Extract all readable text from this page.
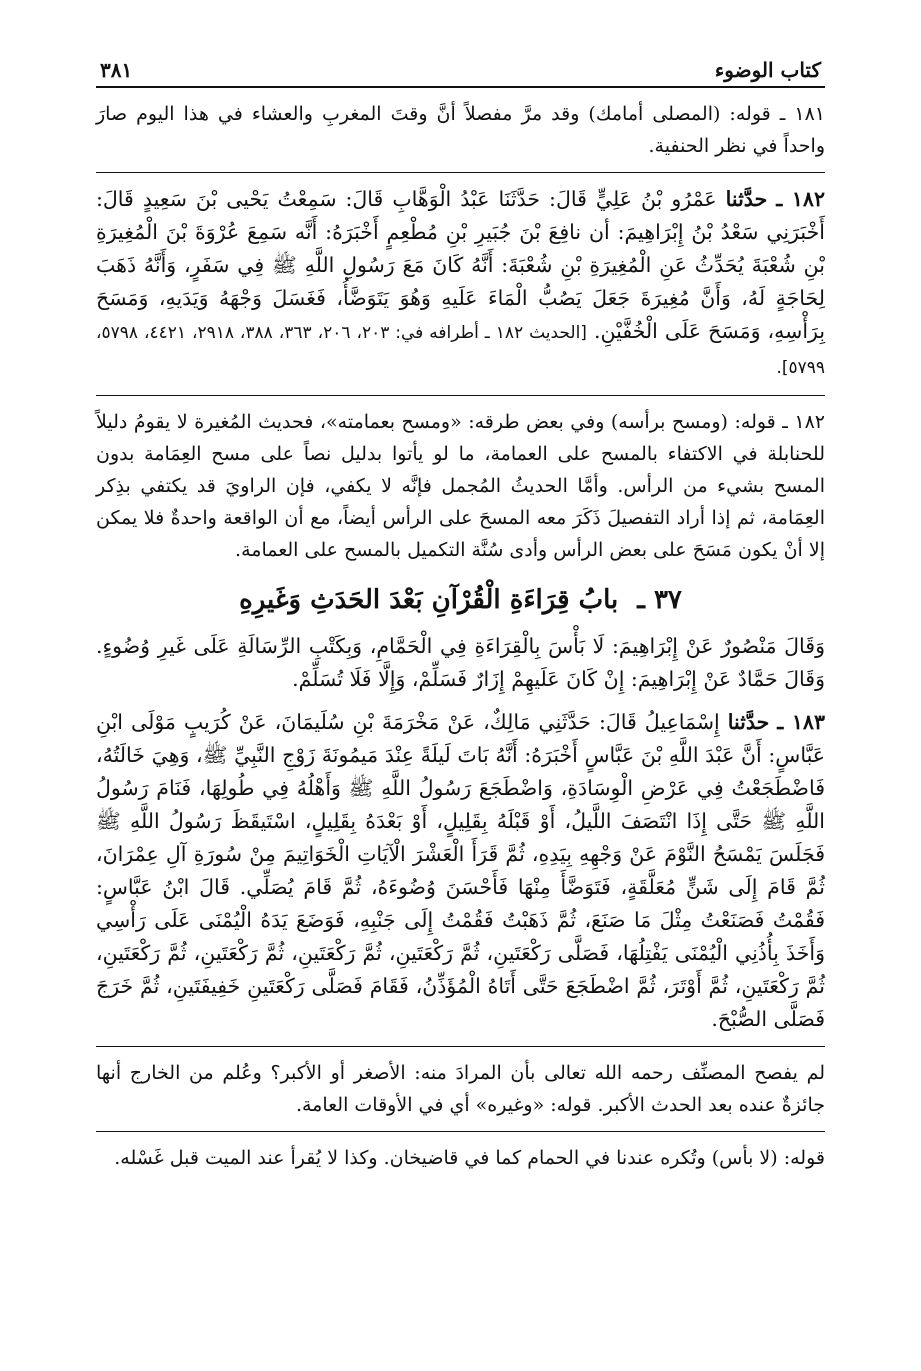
كتاب الوضوء
٣٨١

١٨١ ـ قوله: (المصلى أمامك) وقد مرَّ مفصلاً أنَّ وقتَ المغربِ والعشاء في هذا اليوم صارَ واحداً في نظر الحنفية.

١٨٢ ـ حدَّثنا عَمْرُو بْنُ عَلِيٍّ قَالَ: حَدَّثَنَا عَبْدُ الْوَهَّابِ قَالَ: سَمِعْتُ يَحْيى بْنَ سَعِيدٍ قَالَ: أَخْبَرَنِي سَعْدُ بْنُ إِبْرَاهِيمَ: أن نافِعَ بْنَ جُبَيرِ بْنِ مُطْعِمٍ أَخْبَرَهُ: أَنَّه سَمِعَ عُرْوَةَ بْنَ الْمُغِيرَةِ بْنِ شُعْبَةَ يُحَدِّثُ عَنِ الْمُغِيرَةِ بْنِ شُعْبَةَ: أَنَّهُ كَانَ مَعَ رَسُولِ اللَّهِ ﷺ فِي سَفَرٍ، وَأَنَّهُ ذَهَبَ لِحَاجَةٍ لَهُ، وَأَنَّ مُغِيرَةَ جَعَلَ يَصُبُّ الْمَاءَ عَلَيهِ وَهُوَ يَتَوَضَّأُ، فَغَسَلَ وَجْهَهُ وَيَدَيهِ، وَمَسَحَ بِرَأْسِهِ، وَمَسَحَ عَلَى الْخُفَّيْنِ. [الحديث ١٨٢ ـ أطرافه في: ٢٠٣، ٢٠٦، ٣٦٣، ٣٨٨، ٢٩١٨، ٤٤٢١، ٥٧٩٨، ٥٧٩٩].

١٨٢ ـ قوله: (ومسح برأسه) وفي بعض طرقه: «ومسح بعمامته»، فحديث المُغيرة لا يقومُ دليلاً للحنابلة في الاكتفاء بالمسح على العمامة، ما لو يأتوا بدليل نصاً على مسح العِمَامة بدون المسح بشيء من الرأس. وأمَّا الحديثُ المُجمل فإنَّه لا يكفي، فإن الراويَ قد يكتفي بذِكر العِمَامة، ثم إذا أراد التفصيلَ ذَكَرَ معه المسحَ على الرأس أيضاً، مع أن الواقعة واحدةٌ فلا يمكن إلا أنْ يكون مَسَحَ على بعض الرأس وأدى سُنَّة التكميل بالمسح على العمامة.

٣٧ ـ بابُ قِرَاءَةِ الْقُرْآنِ بَعْدَ الحَدَثِ وَغَيرِهِ

وَقَالَ مَنْصُورٌ عَنْ إِبْرَاهِيمَ: لَا بَأْسَ بِالْقِرَاءَةِ فِي الْحَمَّامِ، وَبِكَتْبِ الرِّسَالَةِ عَلَى غَيرِ وُضُوءٍ. وَقَالَ حَمَّادٌ عَنْ إِبْرَاهِيمَ: إِنْ كَانَ عَلَيهِمْ إِزَارٌ فَسَلِّمْ، وَإِلَّا فَلَا تُسَلِّمْ.

١٨٣ ـ حدَّثنا إِسْمَاعِيلُ قَالَ: حَدَّثَنِي مَالِكٌ، عَنْ مَخْرَمَةَ بْنِ سُلَيمَانَ، عَنْ كُرَيبٍ مَوْلَى ابْنِ عَبَّاسٍ: أَنَّ عَبْدَ اللَّهِ بْنَ عَبَّاسٍ أَخْبَرَهُ: أَنَّهُ بَاتَ لَيلَةً عِنْدَ مَيمُونَةَ زَوْجِ النَّبِيِّ ﷺ، وَهِيَ خَالَتُهُ، فَاضْطَجَعْتُ فِي عَرْضِ الْوِسَادَةِ، وَاضْطَجَعَ رَسُولُ اللَّهِ ﷺ وَأَهْلُهُ فِي طُولِهَا، فَنَامَ رَسُولُ اللَّهِ ﷺ حَتَّى إِذَا انْتَصَفَ اللَّيلُ، أَوْ قَبْلَهُ بِقَلِيلٍ، أَوْ بَعْدَهُ بِقَلِيلٍ، اسْتَيقَظَ رَسُولُ اللَّهِ ﷺ فَجَلَسَ يَمْسَحُ النَّوْمَ عَنْ وَجْهِهِ بِيَدِهِ، ثُمَّ قَرَأَ الْعَشْرَ الْآيَاتِ الْخَوَاتِيمَ مِنْ سُورَةِ آلِ عِمْرَانَ، ثُمَّ قَامَ إِلَى شَنٍّ مُعَلَّقَةٍ، فَتَوَضَّأَ مِنْهَا فَأَحْسَنَ وُضُوءَهُ، ثُمَّ قَامَ يُصَلِّي. قَالَ ابْنُ عَبَّاسٍ: فَقُمْتُ فَصَنَعْتُ مِثْلَ مَا صَنَعَ، ثُمَّ ذَهَبْتُ فَقُمْتُ إِلَى جَنْبِهِ، فَوَضَعَ يَدَهُ الْيُمْنَى عَلَى رَأْسِي وَأَخَذَ بِأُذُنِي الْيُمْنَى يَفْتِلُهَا، فَصَلَّى رَكْعَتَينِ، ثُمَّ رَكْعَتَينِ، ثُمَّ رَكْعَتَينِ، ثُمَّ رَكْعَتَينِ، ثُمَّ رَكْعَتَينِ، ثُمَّ رَكْعَتَينِ، ثُمَّ أَوْتَرَ، ثُمَّ اضْطَجَعَ حَتَّى أَتَاهُ الْمُؤَذِّنُ، فَقَامَ فَصَلَّى رَكْعَتَينِ خَفِيفَتَينِ، ثُمَّ خَرَجَ فَصَلَّى الصُّبْحَ.

لم يفصح المصنِّف رحمه الله تعالى بأن المرادَ منه: الأصغر أو الأكبر؟ وعُلم من الخارج أنها جائزةٌ عنده بعد الحدث الأكبر. قوله: «وغيره» أي في الأوقات العامة.

قوله: (لا بأس) وتُكره عندنا في الحمام كما في قاضيخان. وكذا لا يُقرأ عند الميت قبل غَسْله.
